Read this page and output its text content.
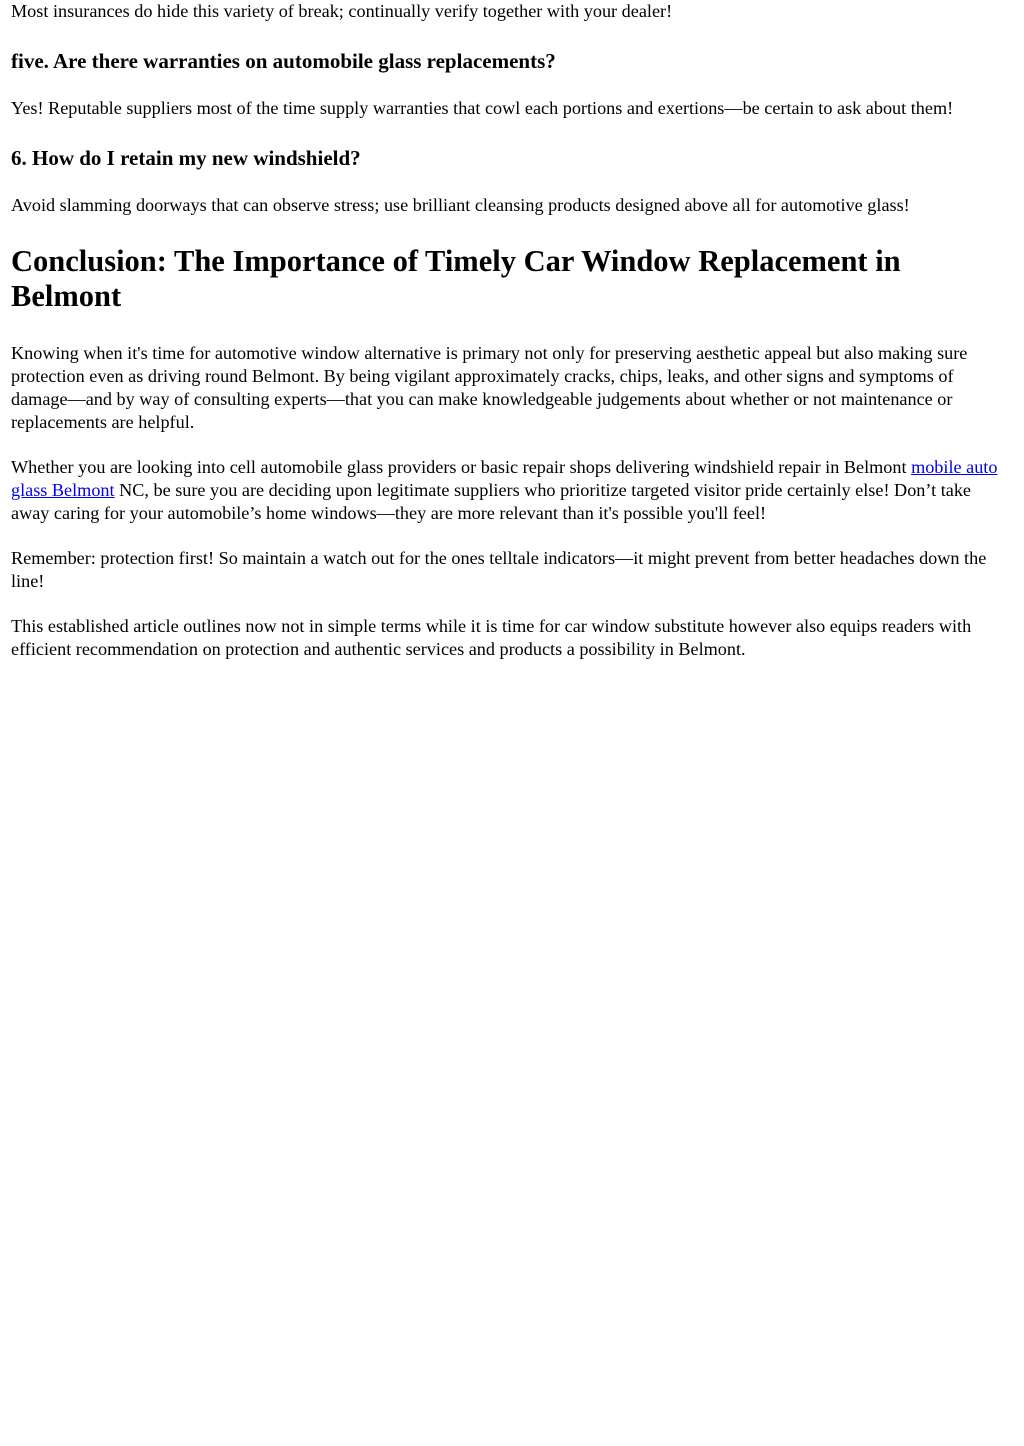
Most insurances do hide this variety of break; continually verify together with your dealer!

five. Are there warranties on automobile glass replacements?

Yes! Reputable suppliers most of the time supply warranties that cowl each portions and exertions—be certain to ask about them!

6. How do I retain my new windshield?

Avoid slamming doorways that can observe stress; use brilliant cleansing products designed above all for automotive glass!

Conclusion: The Importance of Timely Car Window Replacement in Belmont

Knowing when it's time for automotive window alternative is primary not only for preserving aesthetic appeal but also making sure protection even as driving round Belmont. By being vigilant approximately cracks, chips, leaks, and other signs and symptoms of damage—and by way of consulting experts—that you can make knowledgeable judgements about whether or not maintenance or replacements are helpful.

Whether you are looking into cell automobile glass providers or basic repair shops delivering windshield repair in Belmont mobile auto glass Belmont NC, be sure you are deciding upon legitimate suppliers who prioritize targeted visitor pride certainly else! Don’t take away caring for your automobile’s home windows—they are more relevant than it's possible you'll feel!

Remember: protection first! So maintain a watch out for the ones telltale indicators—it might prevent from better headaches down the line!

This established article outlines now not in simple terms while it is time for car window substitute however also equips readers with efficient recommendation on protection and authentic services and products a possibility in Belmont.
